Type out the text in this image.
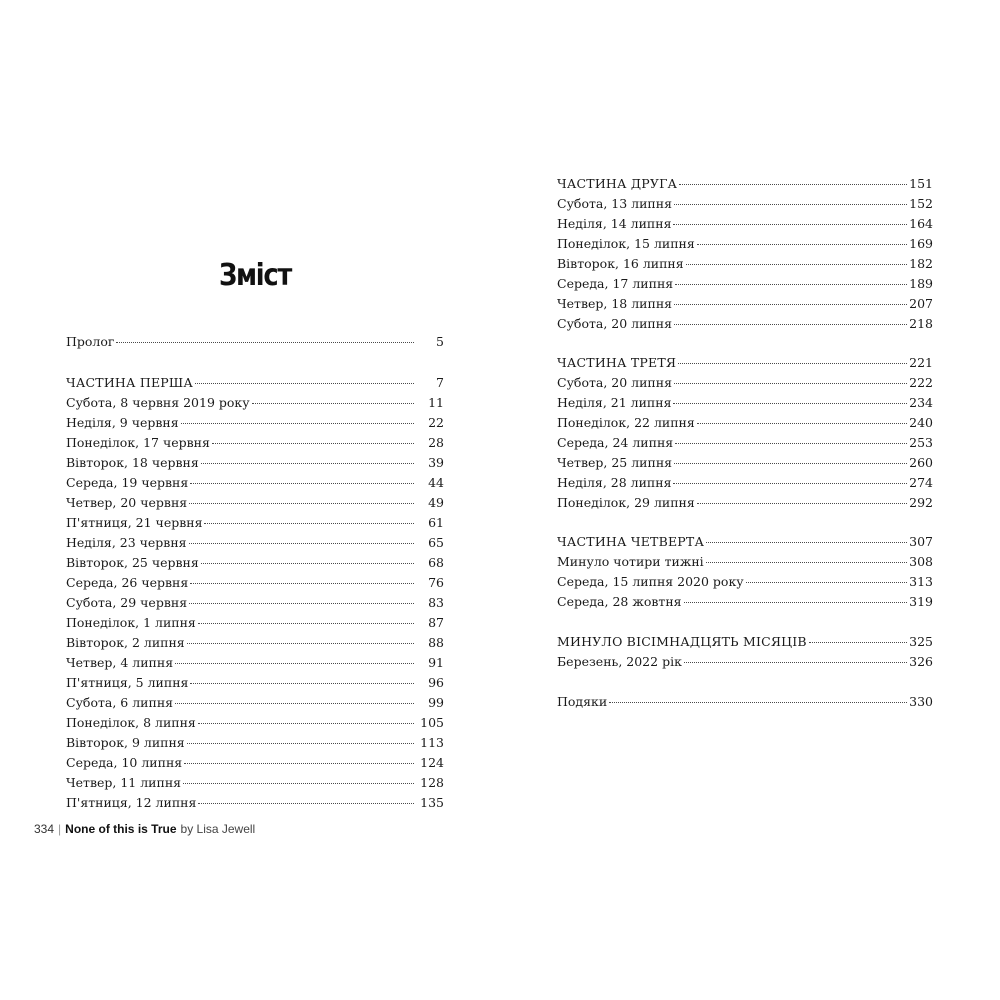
Зміст
Пролог	5
ЧАСТИНА ПЕРША	7
Субота, 8 червня 2019 року	11
Неділя, 9 червня	22
Понеділок, 17 червня	28
Вівторок, 18 червня	39
Середа, 19 червня	44
Четвер, 20 червня	49
П'ятниця, 21 червня	61
Неділя, 23 червня	65
Вівторок, 25 червня	68
Середа, 26 червня	76
Субота, 29 червня	83
Понеділок, 1 липня	87
Вівторок, 2 липня	88
Четвер, 4 липня	91
П'ятниця, 5 липня	96
Субота, 6 липня	99
Понеділок, 8 липня	105
Вівторок, 9 липня	113
Середа, 10 липня	124
Четвер, 11 липня	128
П'ятниця, 12 липня	135
334 | None of this is True by Lisa Jewell
ЧАСТИНА ДРУГА	151
Субота, 13 липня	152
Неділя, 14 липня	164
Понеділок, 15 липня	169
Вівторок, 16 липня	182
Середа, 17 липня	189
Четвер, 18 липня	207
Субота, 20 липня	218
ЧАСТИНА ТРЕТЯ	221
Субота, 20 липня	222
Неділя, 21 липня	234
Понеділок, 22 липня	240
Середа, 24 липня	253
Четвер, 25 липня	260
Неділя, 28 липня	274
Понеділок, 29 липня	292
ЧАСТИНА ЧЕТВЕРТА	307
Минуло чотири тижні	308
Середа, 15 липня 2020 року	313
Середа, 28 жовтня	319
МИНУЛО ВІСІМНАДЦЯТЬ МІСЯЦІВ	325
Березень, 2022 рік	326
Подяки	330
